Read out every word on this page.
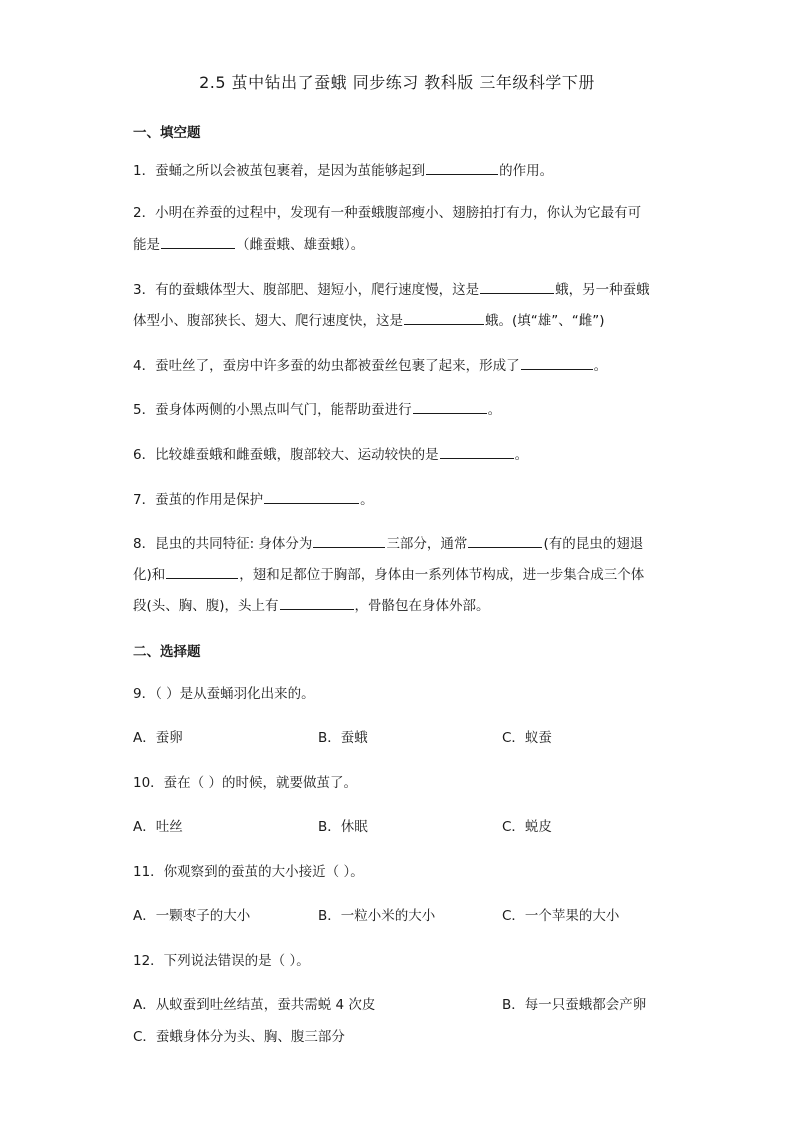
2.5 茧中钻出了蚕蛾 同步练习 教科版 三年级科学下册
一、填空题
1．蚕蛹之所以会被茧包裹着，是因为茧能够起到	的作用。
2．小明在养蚕的过程中，发现有一种蚕蛾腹部瘦小、翅膀拍打有力，你认为它最有可
能是	（雌蚕蛾、雄蚕蛾）。
3．有的蚕蛾体型大、腹部肥、翅短小，爬行速度慢，这是	蛾，另一种蚕蛾
体型小、腹部狭长、翅大、爬行速度快，这是	蛾。(填“雄”、“雌”)
4．蚕吐丝了，蚕房中许多蚕的幼虫都被蚕丝包裹了起来，形成了	。
5．蚕身体两侧的小黑点叫气门，能帮助蚕进行	。
6．比较雄蚕蛾和雌蚕蛾，腹部较大、运动较快的是	。
7．蚕茧的作用是保护	。
8．昆虫的共同特征: 身体分为	三部分，通常	(有的昆虫的翅退
化)和	，翅和足都位于胸部，身体由一系列体节构成，进一步集合成三个体
段(头、胸、腹)，头上有	，骨骼包在身体外部。
二、选择题
9．（ ）是从蚕蛹羽化出来的。
A．蚕卵	B．蚕蛾	C．蚁蚕
10．蚕在（ ）的时候，就要做茧了。
A．吐丝	B．休眠	C．蜕皮
11．你观察到的蚕茧的大小接近（ ）。
A．一颗枣子的大小	B．一粒小米的大小	C．一个苹果的大小
12．下列说法错误的是（ ）。
A．从蚁蚕到吐丝结茧，蚕共需蜕 4 次皮	B．每一只蚕蛾都会产卵
C．蚕蛾身体分为头、胸、腹三部分
